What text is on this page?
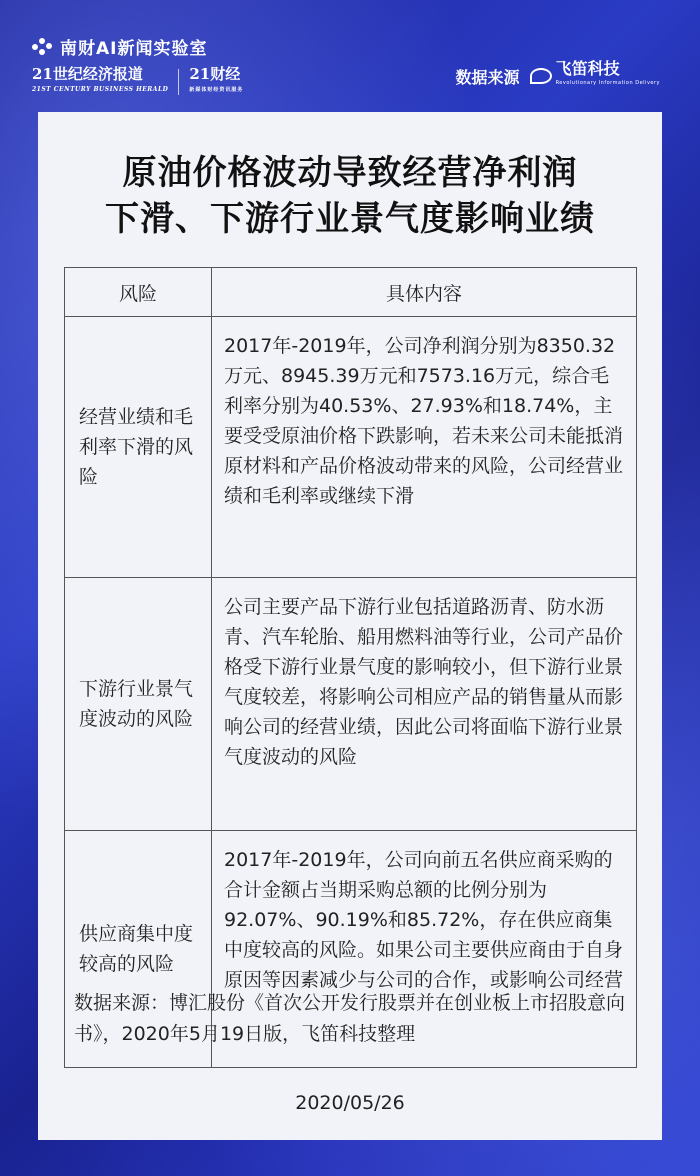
南财AI新闻实验室
21世纪经济报道
21ST CENTURY BUSINESS HERALD
21财经
新媒体财经资讯服务
数据来源 飞笛科技
Revolutionary Information Delivery
原油价格波动导致经营净利润
下滑、下游行业景气度影响业绩
风险	具体内容
经营业绩和毛利率下滑的风险	2017年-2019年，公司净利润分别为8350.32万元、8945.39万元和7573.16万元，综合毛利率分别为40.53%、27.93%和18.74%，主要受受原油价格下跌影响，若未来公司未能抵消原材料和产品价格波动带来的风险，公司经营业绩和毛利率或继续下滑
下游行业景气度波动的风险	公司主要产品下游行业包括道路沥青、防水沥青、汽车轮胎、船用燃料油等行业，公司产品价格受下游行业景气度的影响较小，但下游行业景气度较差，将影响公司相应产品的销售量从而影响公司的经营业绩，因此公司将面临下游行业景气度波动的风险
供应商集中度较高的风险	2017年-2019年，公司向前五名供应商采购的合计金额占当期采购总额的比例分别为92.07%、90.19%和85.72%，存在供应商集中度较高的风险。如果公司主要供应商由于自身原因等因素减少与公司的合作，或影响公司经营
数据来源：博汇股份《首次公开发行股票并在创业板上市招股意向书》，2020年5月19日版，飞笛科技整理
2020/05/26
